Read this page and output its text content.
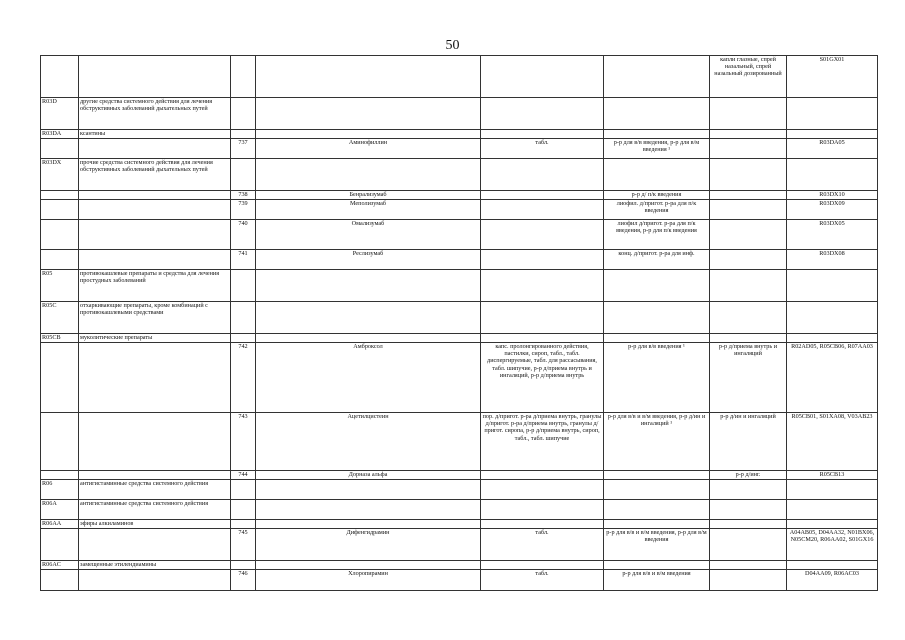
50
						капли глазные, спрей назальный, спрей назальный дозированный	S01GX01
R03D	другие средства системного действия для лечения обструктивных заболеваний дыхательных путей						
R03DA	ксантины						
		737	Аминофиллин	табл.	р-р для в/в введения, р-р для в/м введения ¹		R03DA05
R03DX	прочие средства системного действия для лечения обструктивных заболеваний дыхательных путей						
		738	Бенрализумаб		р-р д/ п/к введения		R03DX10
		739	Меполизумаб		лиофил. д/пригот. р-ра для п/к введения		R03DX09
		740	Омализумаб		лиофил д/пригот. р-ра для п/к введения, р-р для п/к введения		R03DX05
		741	Реслизумаб		конц. д/пригот. р-ра для инф.		R03DX08
R05	противокашлевые препараты и средства для лечения простудных заболеваний						
R05C	отхаркивающие препараты, кроме комбинаций с противокашлевыми средствами						
R05CB	муколитические препараты						
		742	Амброксол	капс. пролонгированного действия, пастилки, сироп, табл., табл. диспергируемые, табл. для рассасывания, табл. шипучие, р-р д/приема внутрь и ингаляций, р-р д/приема внутрь	р-р для в/в введения ¹	р-р д/приема внутрь и ингаляций	R02AD05, R05CB06, R07AA03
		743	Ацетилцистеин	пор. д/пригот. р-ра д/приема внутрь, гранулы д/пригот. р-ра д/приема внутрь, гранулы д/пригот. сиропа, р-р д/приема внутрь, сироп, табл., табл. шипучие	р-р для в/в и в/м введения, р-р д/ин и ингаляций ¹	р-р д/ин и ингаляций	R05CB01, S01XA08, V03AB23
		744	Дорназа альфа			р-р д/инг.	R05CB13
R06	антигистаминные средства системного действия						
R06A	антигистаминные средства системного действия						
R06AA	эфиры алкиламинов						
		745	Дифенгидрамин	табл.	р-р для в/в и в/м введения, р-р для в/м введения		A04AB05, D04AA32, N01BX06, N05CM20, R06AA02, S01GX16
R06AC	замещенные этилендиамины						
		746	Хлоропирамин	табл.	р-р для в/в и в/м введения		D04AA09, R06AC03
